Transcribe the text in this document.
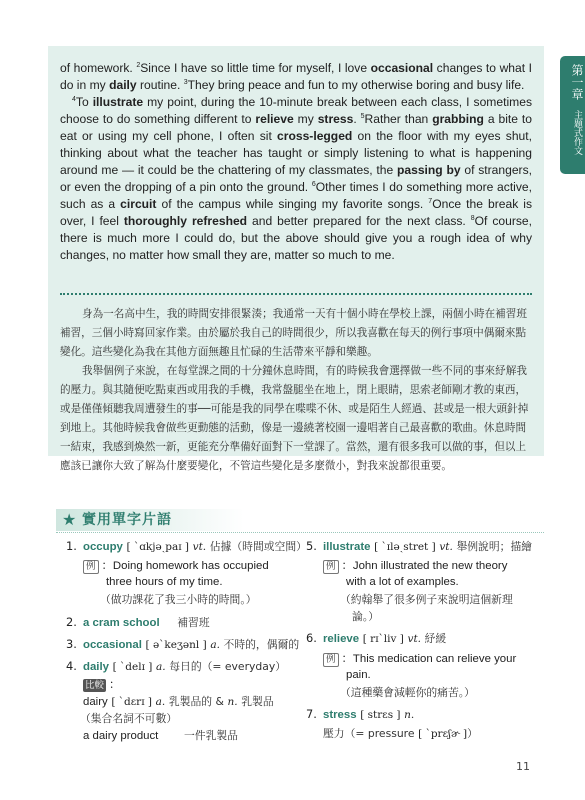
第一章
主題式作文

of homework. $^2$Since I have so little time for myself, I love occasional changes to what I do in my daily routine. $^3$They bring peace and fun to my otherwise boring and busy life.

$^4$To illustrate my point, during the 10-minute break between each class, I sometimes choose to do something different to relieve my stress. $^5$Rather than grabbing a bite to eat or using my cell phone, I often sit cross-legged on the floor with my eyes shut, thinking about what the teacher has taught or simply listening to what is happening around me — it could be the chattering of my classmates, the passing by of strangers, or even the dropping of a pin onto the ground. $^6$Other times I do something more active, such as a circuit of the campus while singing my favorite songs. $^7$Once the break is over, I feel thoroughly refreshed and better prepared for the next class. $^8$Of course, there is much more I could do, but the above should give you a rough idea of why changes, no matter how small they are, matter so much to me.

身為一名高中生，我的時間安排很緊湊；我通常一天有十個小時在學校上課，兩個小時在補習班補習，三個小時寫回家作業。由於屬於我自己的時間很少，所以我喜歡在每天的例行事項中偶爾來點變化。這些變化為我在其他方面無趣且忙碌的生活帶來平靜和樂趣。

我舉個例子來說，在每堂課之間的十分鐘休息時間，有的時候我會選擇做一些不同的事來紓解我的壓力。與其隨便吃點東西或用我的手機，我常盤腿坐在地上，閉上眼睛，思索老師剛才教的東西，或是僅僅傾聽我周遭發生的事──可能是我的同學在喋喋不休、或是陌生人經過、甚或是一根大頭針掉到地上。其他時候我會做些更動態的活動，像是一邊繞著校園一邊唱著自己最喜歡的歌曲。休息時間一結束，我感到煥然一新，更能充分準備好面對下一堂課了。當然，還有很多我可以做的事，但以上應該已讓你大致了解為什麼要變化，不管這些變化是多麼微小，對我來說都很重要。

★ 實用單字片語
1. occupy [ ˋɑkjəˏpaɪ ] vt. 佔據（時間或空間）
例 ：Doing homework has occupied
three hours of my time.
（做功課花了我三小時的時間。）
2. a cram school 補習班
3. occasional [ əˋkeʒənl ] a. 不時的，偶爾的
4. daily [ ˋdelɪ ] a. 每日的（= everyday）
比較 ：
dairy [ ˋdɛrɪ ] a. 乳製品的 & n. 乳製品
（集合名詞不可數）
a dairy product 一件乳製品
5. illustrate [ ˋɪləˏstret ] vt. 舉例說明；描繪
例 ：John illustrated the new theory
with a lot of examples.
（約翰舉了很多例子來說明這個新理
論。）
6. relieve [ rɪˋliv ] vt. 紓緩
例 ：This medication can relieve your
pain.
（這種藥會減輕你的痛苦。）
7. stress [ strɛs ] n.
壓力（= pressure [ ˋprɛʃɚ ]）
11
